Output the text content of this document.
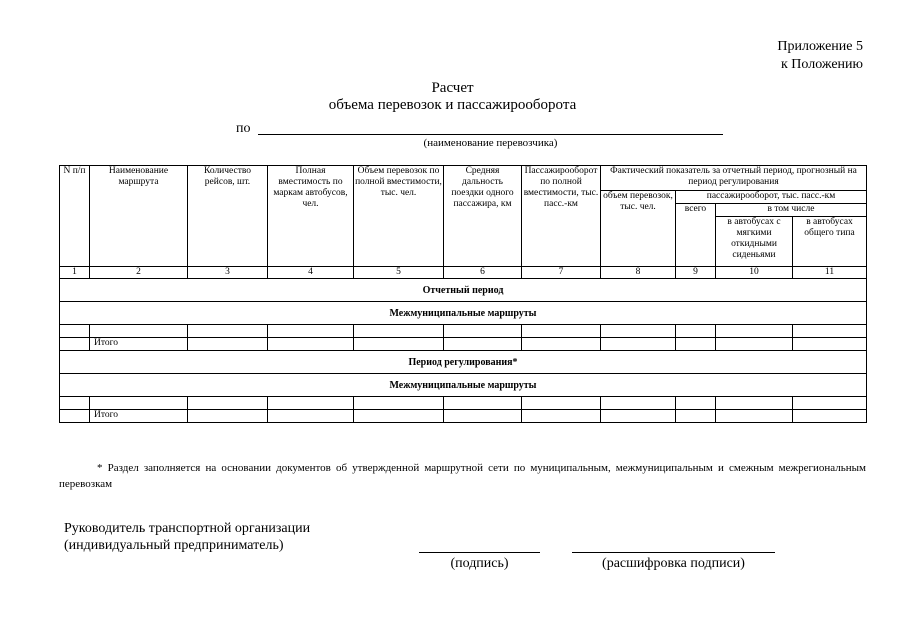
Приложение 5
к Положению
Расчет
объема перевозок и пассажирооборота
по
(наименование перевозчика)
N п/п	Наименование маршрута	Количество рейсов, шт.	Полная вместимость по маркам автобусов, чел.	Объем перевозок по полной вместимости, тыс. чел.	Средняя дальность поездки одного пассажира, км	Пассажирооборот по полной вместимости, тыс. пасс.-км	Фактический показатель за отчетный период, прогнозный на период регулирования			

							объем перевозок, тыс. чел.	пассажирооборот, тыс. пасс.-км		
								всего	в том числе	
									в автобусах с мягкими откидными сиденьями	в автобусах общего типа
1	2	3	4	5	6	7	8	9	10	11
Отчетный период										
Межмуниципальные маршруты										

	Итого									
Период регулирования*										
Межмуниципальные маршруты										

	Итого									
* Раздел заполняется на основании документов об утвержденной маршрутной сети по муниципальным, межмуниципальным и смежным межрегиональным перевозкам
Руководитель транспортной организации
(индивидуальный предприниматель)
(подпись)	(расшифровка подписи)
